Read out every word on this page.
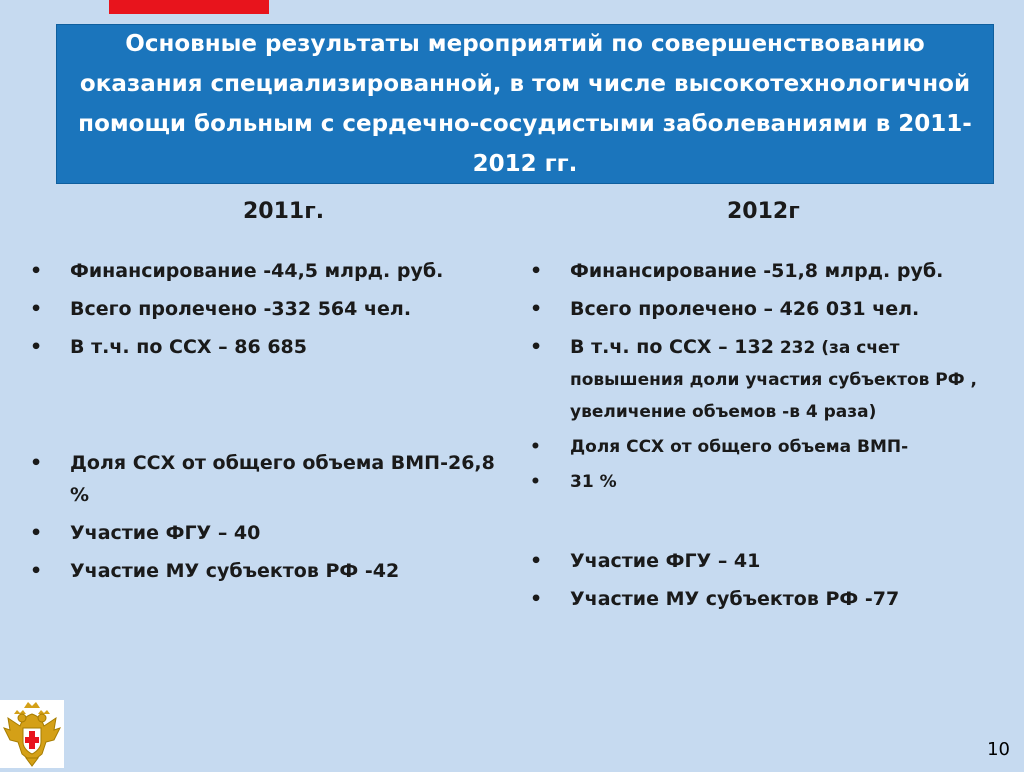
Основные результаты мероприятий по совершенствованию оказания специализированной, в том числе высокотехнологичной помощи больным с сердечно-сосудистыми заболеваниями в 2011-2012 гг.

2011г.	2012г

• Финансирование -44,5 млрд. руб.
• Всего пролечено -332 564 чел.
• В т.ч. по ССХ – 86 685
• Доля ССХ от общего объема ВМП-26,8 %
• Участие ФГУ – 40
• Участие МУ субъектов РФ -42
• Финансирование -51,8 млрд. руб.
• Всего пролечено – 426 031 чел.
• В т.ч. по ССХ – 132 232 (за счет повышения доли участия субъектов РФ , увеличение объемов -в 4 раза)
• Доля ССХ от общего объема ВМП-
• 31 %
• Участие ФГУ – 41
• Участие МУ субъектов РФ -77
10
